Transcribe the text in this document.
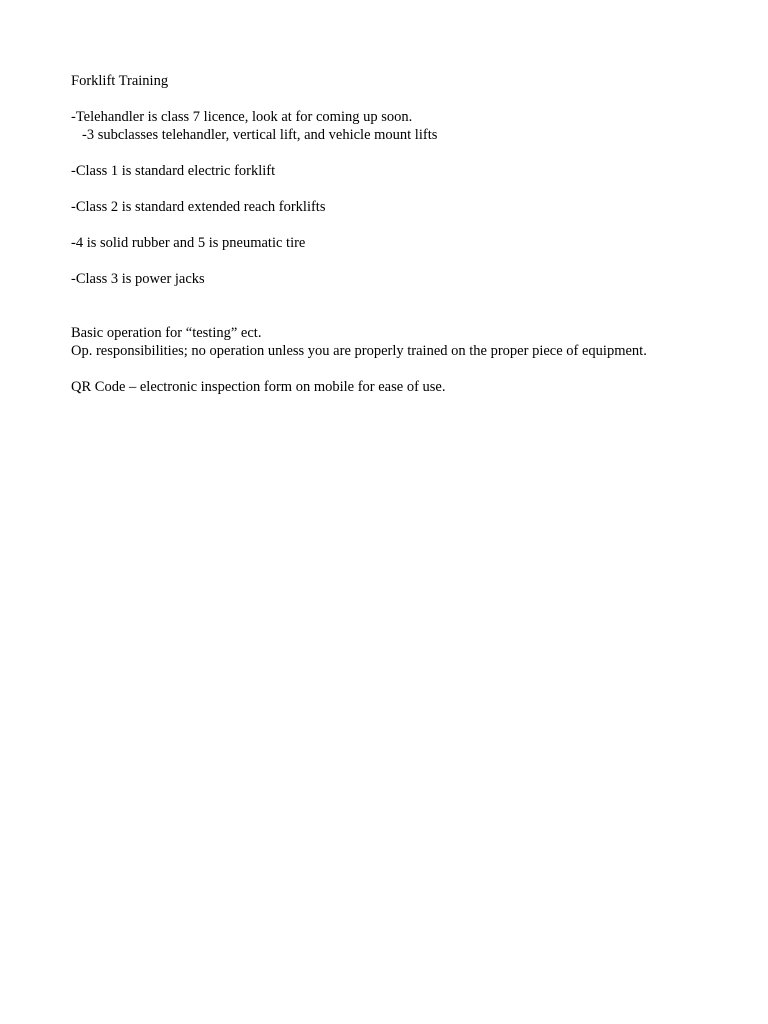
Forklift Training
-Telehandler is class 7 licence, look at for coming up soon.
-3 subclasses telehandler, vertical lift, and vehicle mount lifts
-Class 1 is standard electric forklift
-Class 2 is standard extended reach forklifts
-4 is solid rubber and 5 is pneumatic tire
-Class 3 is power jacks
Basic operation for “testing” ect.
Op. responsibilities; no operation unless you are properly trained on the proper piece of equipment.
QR Code – electronic inspection form on mobile for ease of use.
